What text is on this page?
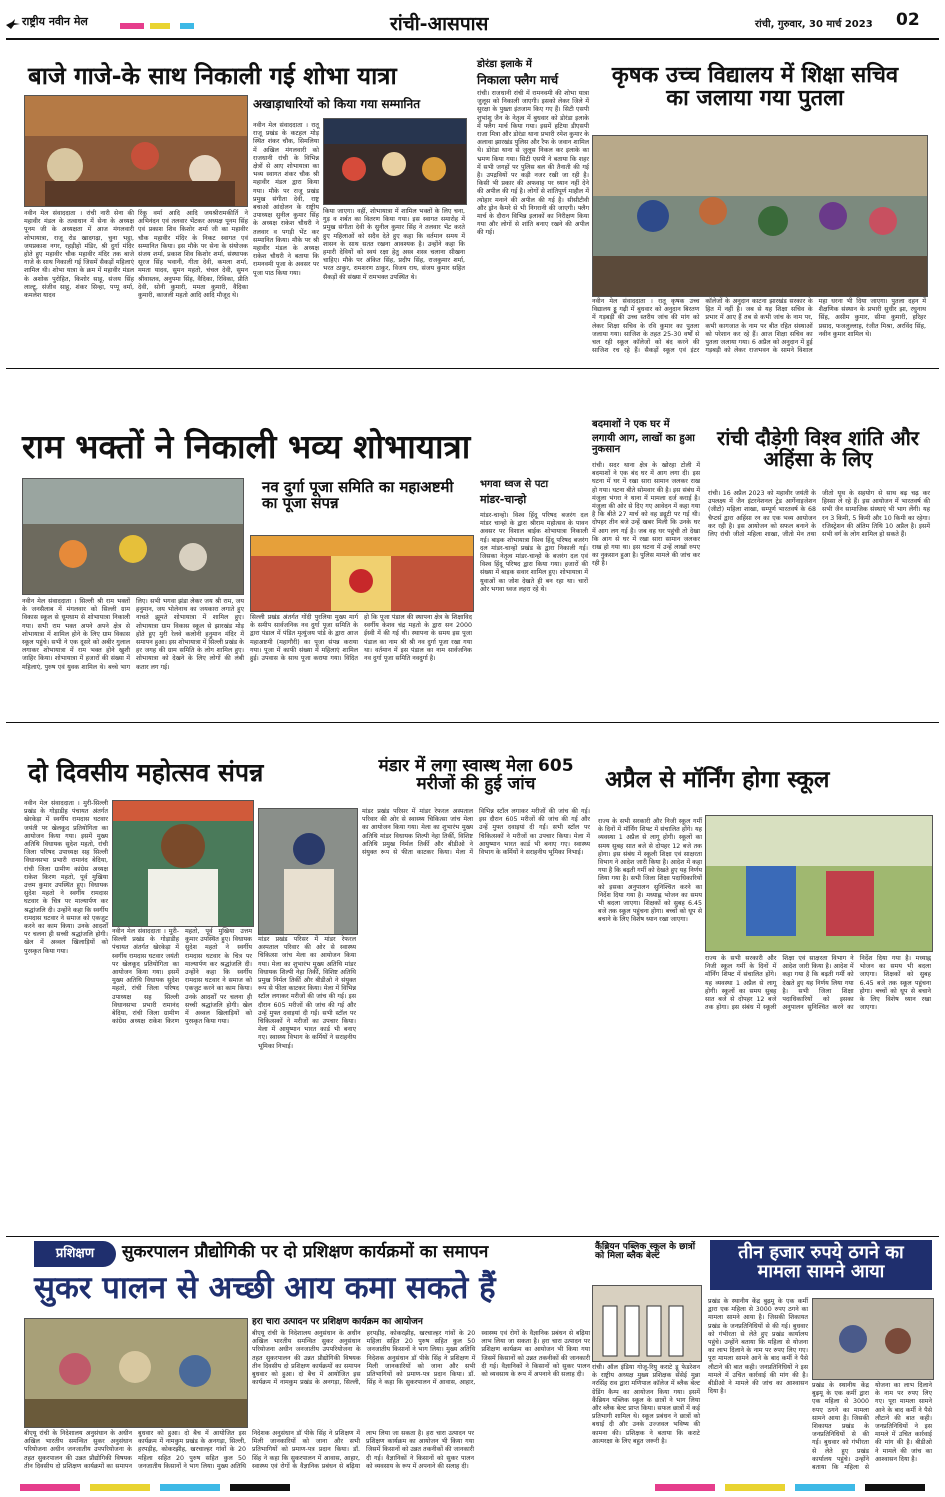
राष्ट्रीय नवीन मेल	रांची-आसपास	रांची, गुरुवार, 30 मार्च 2023 02
बाजे गाजे-के साथ निकाली गई शोभा यात्रा
नवीन मेल संवाददाता । रांची नारी सेना की महावीर मंडल के तत्वाधान में सेना के अध्यक्ष पूनम जी के अध्यक्षता में आज मंगलवारी शोभायात्रा, राजू रोड खादगढ़ा, चुना भट्ठा, जयप्रकाश नगर, रहड़ीहो मंडिर, श्री दुर्गा मंदिर होते हुए महावीर चौक महावीर मंदिर तक बाजे गाजे के साथ निकाली गई जिसमें सैकड़ों महिलाएं शामिल थी। शोभा यात्रा के क्रम में महावीर मंडल के अशोक पुरोहित, किशोर साहू, संजय सिंह लाल्टू, संजीव साहू, शंकर सिन्हा, पप्पू वर्मा, कमलेश यादव
रिंकू वर्मा आदि आदि जयश्रीरामकीर्ति ने अभिनंदन एवं तलवार भेंटकर अध्यक्ष पूनम सिंह एवं प्रकाश शिव किशोर शर्मा जी का महावीर चौक महावीर मंदिर के निकट स्वागत एवं सम्मानित किया। इस मौके पर सेना के संयोजक संजय शर्मा, प्रकाश शिव किशोर शर्मा, संस्थापक सूरज सिंह भवानी, गीता देवी, कमला शर्मा, ममता यादव, सुमन महतो, चंचल देवी, सुमन श्रीवास्तव, अनुपमा सिंह, वैदिका, रिविका, प्रीति देवी, सोनी कुमारी, ममता कुमारी, वैदिका कुमारी, काजली महतो आदि आदि मौजूद थे।
अखाड़ाधारियों को किया गया सम्मानित
नवीन मेल संवाददाता । रातू राजू प्रखंड के कटहल मोड़ स्थित शंकर चौक, सिमलिया में अखिल मंगलवारी को राजधानी रांची के विभिन्न क्षेत्रों से आए शोभायात्रा का भव्य स्वागत शंकर चौक श्री महावीर मंडल द्वारा किया गया। मौके पर राजू प्रखंड प्रमुख संगीता देवी, राष्ट्र बचाओ आंदोलन के राष्ट्रीय उपाध्यक्ष सुनील कुमार सिंह के अध्यक्ष राकेश चौधरी ने तलवार व पगड़ी भेंट कर सम्मानित किया। मौके पर श्री महावीर मंडल के अध्यक्ष राकेश चौधरी ने बताया कि रामनवमी पूजा के अवसर पर पूजा पाठ किया गया।
किया जाएगा। वहीं, शोभायात्रा में शामिल भक्तों के लिए चना, गुड़ व शर्बत का वितरण किया गया। इस स्वागत समारोह में प्रमुख संगीता देवी के सुनील कुमार सिंह ने तलवार भेंट करते हुए महिलाओं को सदैव देते हुए कहा कि वर्तमान समय में शासन के साथ सतत रखना आवश्यक है। उन्होंने कहा कि हमारी देवियों को स्वयं रक्षा हेतु अस्त्र शस्त्र चलाना सीखना चाहिए। मौके पर अंकित सिंह, प्रदीप सिंह, राजकुमार शर्मा, भरत ठाकुर, रामशरण ठाकुर, विजय राय, संजय कुमार सहित सैकड़ों की संख्या में रामभक्त उपस्थित थे।
डोरंडा इलाके में
निकाला फ्लैग मार्च
रांची। राजधानी रांची में रामनवमी की शोभा यात्रा जुलूस को निकाली जाएगी। इसको लेकर जिले में सुरक्षा के पुख्ता इंतजाम किए गए हैं। सिटी एसपी शुभांशु जैन के नेतृत्व में बुधवार को डोरंडा इलाके में फ्लैग मार्च किया गया। इसमें हटिया डीएसपी राजा मित्रा और डोरंडा थाना प्रभारी रमेश कुमार के अलावा झारखंड पुलिस और रैफ के जवान शामिल थे। डोरंडा थाना से जुलूस निकल कर इलाके का भ्रमण किया गया। सिटी एसपी ने बताया कि शहर में सभी जगहों पर पुलिस बल की तैनाती की गई है। उपद्रवियों पर कड़ी नजर रखी जा रही है। किसी भी प्रकार की अफवाह पर ध्यान नहीं देने की अपील की गई है। लोगों से शांतिपूर्ण माहौल में त्योहार मनाने की अपील की गई है। सीसीटीवी और ड्रोन कैमरे से भी निगरानी की जाएगी। फ्लैग मार्च के दौरान विभिन्न इलाकों का निरीक्षण किया गया और लोगों से शांति बनाए रखने की अपील की गई।
कृषक उच्च विद्यालय में शिक्षा सचिव का जलाया गया पुतला
नवीन मेल संवाददाता । रातू कृषक उच्च विद्यालय ड्डू गढ़ी में बुधवार को अनुदान बिरतण में गड़बड़ी की उच्च स्तरीय जांच की मांग को लेकर शिक्षा सचिव के रवि कुमार का पुतला जलाया गया। साजिश के तहत 25-30 वर्षों से चल रही स्कूल कॉलेजों को बंद करने की साजिश रच रहे हैं। सैकड़ों स्कूल एवं इंटर कॉलेजों के अनुदान काटना झारखंड सरकार के हित में नहीं है। जब से यह शिक्षा सचिव के प्रभार में आए हैं तब से कभी जांच के नाम पर, कभी कागजात के नाम पर बीत रहित संस्थाओं को परेशान कर रहे हैं। आज शिक्षा सचिव का पुतला जलाया गया। 6 अप्रैल को अनुदान में हुई गड़बड़ी को लेकर राजभवन के सामने विशाल महा धरना भी दिया जाएगा। पुतला दहन में शैक्षणिक संस्थान के प्रभारी सुधीर झा, रघुनाथ सिंह, असीम कुमार, सीमा कुमारी, हरिहर प्रसाद, फजलुल्लाह, रंजीत मिश्रा, अरविंद सिंह, नवीन कुमार शामिल थे।
राम भक्तों ने निकाली भव्य शोभायात्रा
नवीन मेल संवाददाता । सिल्ली श्री राम भक्तों के जनसैलाब में मंगलवार को सिल्ली ग्राम विकास स्कूल से धूमधाम से शोभायात्रा निकाली गया। सभी राम भक्त अपने अपने क्षेत्र से शोभायात्रा में शामिल होने के लिए ग्राम विकास स्कूल पहुंचे। सभी ने एक दूसरे को अबीर गुलाल लगाकर शोभायात्रा में राम भक्त होने खुशी जाहिर किया। शोभायात्रा में हजारों की संख्या में महिलाएं, पुरुष एवं युवक शामिल थे। बच्चे भाग लिए। सभी भगवा झंडा लेकर जय श्री राम, जय हनुमान, जय भोलेनाथ का जयकारा लगाते हुए नाचते झूमते शोभायात्रा में शामिल हुए। शोभायात्रा ग्राम विकास स्कूल से झारखंड मोड़ होते हुए मुरी रेलवे कलोनी हनुमान मंदिर में समापन हुआ। इस शोभायात्रा में सिल्ली प्रखंड के हर जगह की ग्राम समिति के लोग शामिल हुए। शोभायात्रा को देखने के लिए लोगों की लंबी कतार लग गई।
नव दुर्गा पूजा समिति का महाअष्टमी का पूजा संपन्न
सिल्ली प्रखंड अंतर्गत गोंदी पुरलिया मुख्य मार्ग के समीप सार्वजनिक नव दुर्गा पूजा समिति के द्वारा पंडाल में पंडित मृत्युंजय पांडे के द्वारा आज महाअष्टमी (महागौरी) का पूजा संपन्न कराया गया। पूजा में काफी संख्या में महिलाएं शामिल हुई। उपवास के साथ पूजा कराया गया। विदित हो कि पूजा पंडाल की स्थापना क्षेत्र के शिक्षाविद स्वर्गीय केशव चंद्र महतो के द्वारा सन 2000 ईस्वी में की गई थी। स्थापना के समय इस पूजा पंडाल का नाम श्री श्री नव दुर्गा पूजा रखा गया था। वर्तमान में इस पंडाल का नाम सार्वजनिक नव दुर्गा पूजा समिति नवदुर्गा है।
भगवा ध्वज से पटा
मांडर-चान्हो
मांडर-चान्हो। विश्व हिंदू परिषद बजरंग दल मांडर चान्हो के द्वारा श्रीराम महोत्सव के पावन अवसर पर विशाल बाईक शोभायात्रा निकाली गई। बाइक शोभायात्रा विश्व हिंदू परिषद बजरंग दल मांडर-चान्हो प्रखंड के द्वारा निकाली गई। जिसका नेतृत्व मांडर-चान्हो के बजरंग दल एवं विश्व हिंदू परिषद द्वारा किया गया। हजारों की संख्या में बाइक सवार शामिल हुए। शोभायात्रा में युवाओं का जोश देखते ही बन रहा था। चारों ओर भगवा ध्वज लहरा रहे थे।
बदमाशों ने एक घर में
लगायी आग, लाखों का हुआ नुकसान
रांची। सदर थाना क्षेत्र के खोरहा टोली में बदमाशों ने एक बंद घर में आग लगा दी। इस घटना में घर में रखा सारा सामान जलकर राख हो गया। घटना बीते सोमवार की है। इस संबंध में मंजुला भंगरा ने थाना में मामला दर्ज कराई है। मंजुला की ओर से दिए गए आवेदन में कहा गया है कि बीते 27 मार्च को वह ड्यूटी पर गई थी। दोपहर तीन बजे उन्हें खबर मिली कि उनके घर में आग लग गई है। जब वह घर पहुंची तो देखा कि आग से घर में रखा सारा सामान जलकर राख हो गया था। इस घटना में उन्हें लाखों रुपए का नुकसान हुआ है। पुलिस मामले की जांच कर रही है।
रांची दौड़ेगी विश्व शांति और अहिंसा के लिए
रांची। 16 अप्रैल 2023 को महावीर जयंती के उपलक्ष्य में जैन इंटरनेशनल ट्रेड आर्गेनाइजेशन (जीटो) महिला शाखा, सम्पूर्ण भारतवर्ष के 68 चैप्टर्स द्वारा अहिंसा रन का एक भव्य आयोजन कर रही है। इस आयोजन को सफल बनाने के लिए रांची जीतो महिला शाखा, जीतो मेन तथा जीतो यूथ के सहयोग से साथ बढ़ चढ़ कर हिस्सा ले रहे हैं। इस आयोजन में भारतवर्ष की सभी जैन सामाजिक संस्थाएं भी भाग लेंगी। यह रन 3 किमी, 5 किमी और 10 किमी का रहेगा। रजिस्ट्रेशन की अंतिम तिथि 10 अप्रैल है। इसमें सभी वर्ग के लोग शामिल हो सकते हैं।
दो दिवसीय महोत्सव संपन्न
नवीन मेल संवाददाता । मुरी-सिल्ली प्रखंड के गोड़ाडीह पंचायत अंतर्गत खेरकेड़ा में स्वर्गीय रामदास घटवार जयंती पर खेलकूद प्रतियोगिता का आयोजन किया गया। इसमें मुख्य अतिथि विधायक सुदेश महतो, रांची जिला परिषद उपाध्यक्ष सह सिल्ली विधानसभा प्रभारी रामानंद बेदिया, रांची जिला ग्रामीण कांग्रेस अध्यक्ष राकेश किरण महतो, पूर्व मुखिया उत्तम कुमार उपस्थित हुए। विधायक सुदेश महतो ने स्वर्गीय रामदास घटवार के चित्र पर माल्यार्पण कर श्रद्धांजलि दी। उन्होंने कहा कि स्वर्गीय रामदास घटवार ने समाज को एकजुट करने का काम किया। उनके आदर्शों पर चलना ही सच्ची श्रद्धांजलि होगी। खेल में अव्वल खिलाड़ियों को पुरस्कृत किया गया।
नवीन मेल संवाददाता । मुरी-सिल्ली प्रखंड के गोड़ाडीह पंचायत अंतर्गत खेरकेड़ा में स्वर्गीय रामदास घटवार जयंती पर खेलकूद प्रतियोगिता का आयोजन किया गया। इसमें मुख्य अतिथि विधायक सुदेश महतो, रांची जिला परिषद उपाध्यक्ष सह सिल्ली विधानसभा प्रभारी रामानंद बेदिया, रांची जिला ग्रामीण कांग्रेस अध्यक्ष राकेश किरण महतो, पूर्व मुखिया उत्तम कुमार उपस्थित हुए। विधायक सुदेश महतो ने स्वर्गीय रामदास घटवार के चित्र पर माल्यार्पण कर श्रद्धांजलि दी। उन्होंने कहा कि स्वर्गीय रामदास घटवार ने समाज को एकजुट करने का काम किया। उनके आदर्शों पर चलना ही सच्ची श्रद्धांजलि होगी। खेल में अव्वल खिलाड़ियों को पुरस्कृत किया गया।
मंडार में लगा स्वास्थ मेला 605 मरीजों की हुई जांच
मांडर प्रखंड परिसर में मांडर रेफरल अस्पताल परिवार की ओर से स्वास्थ्य चिकित्सा जांच मेला का आयोजन किया गया। मेला का शुभारंभ मुख्य अतिथि मांडर विधायक शिल्पी नेहा तिर्की, विशिष्ट अतिथि प्रमुख निर्मल तिर्की और बीडीओ ने संयुक्त रूप से फीता काटकर किया। मेला में विभिन्न स्टॉल लगाकर मरीजों की जांच की गई। इस दौरान 605 मरीजों की जांच की गई और उन्हें मुफ्त दवाइयां दी गईं। सभी स्टॉल पर चिकित्सकों ने मरीजों का उपचार किया। मेला में आयुष्मान भारत कार्ड भी बनाए गए। स्वास्थ्य विभाग के कर्मियों ने सराहनीय भूमिका निभाई।
मांडर प्रखंड परिसर में मांडर रेफरल अस्पताल परिवार की ओर से स्वास्थ्य चिकित्सा जांच मेला का आयोजन किया गया। मेला का शुभारंभ मुख्य अतिथि मांडर विधायक शिल्पी नेहा तिर्की, विशिष्ट अतिथि प्रमुख निर्मल तिर्की और बीडीओ ने संयुक्त रूप से फीता काटकर किया। मेला में विभिन्न स्टॉल लगाकर मरीजों की जांच की गई। इस दौरान 605 मरीजों की जांच की गई और उन्हें मुफ्त दवाइयां दी गईं। सभी स्टॉल पर चिकित्सकों ने मरीजों का उपचार किया। मेला में आयुष्मान भारत कार्ड भी बनाए गए। स्वास्थ्य विभाग के कर्मियों ने सराहनीय भूमिका निभाई।
अप्रैल से मॉर्निंग होगा स्कूल
राज्य के सभी सरकारी और निजी स्कूल गर्मी के दिनों में मॉर्निंग शिफ्ट में संचालित होंगे। यह व्यवस्था 1 अप्रैल से लागू होगी। स्कूलों का समय सुबह सात बजे से दोपहर 12 बजे तक होगा। इस संबंध में स्कूली शिक्षा एवं साक्षरता विभाग ने आदेश जारी किया है। आदेश में कहा गया है कि बढ़ती गर्मी को देखते हुए यह निर्णय लिया गया है। सभी जिला शिक्षा पदाधिकारियों को इसका अनुपालन सुनिश्चित करने का निर्देश दिया गया है। मध्याह्न भोजन का समय भी बदला जाएगा। शिक्षकों को सुबह 6.45 बजे तक स्कूल पहुंचना होगा। बच्चों को धूप से बचाने के लिए विशेष ध्यान रखा जाएगा।
राज्य के सभी सरकारी और निजी स्कूल गर्मी के दिनों में मॉर्निंग शिफ्ट में संचालित होंगे। यह व्यवस्था 1 अप्रैल से लागू होगी। स्कूलों का समय सुबह सात बजे से दोपहर 12 बजे तक होगा। इस संबंध में स्कूली शिक्षा एवं साक्षरता विभाग ने आदेश जारी किया है। आदेश में कहा गया है कि बढ़ती गर्मी को देखते हुए यह निर्णय लिया गया है। सभी जिला शिक्षा पदाधिकारियों को इसका अनुपालन सुनिश्चित करने का निर्देश दिया गया है। मध्याह्न भोजन का समय भी बदला जाएगा। शिक्षकों को सुबह 6.45 बजे तक स्कूल पहुंचना होगा। बच्चों को धूप से बचाने के लिए विशेष ध्यान रखा जाएगा।
प्रशिक्षण	सुकरपालन प्रौद्योगिकी पर दो प्रशिक्षण कार्यक्रमों का समापन
सुकर पालन से अच्छी आय कमा सकते हैं
बीएयू रांची के निदेशालय अनुसंधान के अधीन अखिल भारतीय समन्वित सुकर अनुसंधान परियोजना अधीन जनजातीय उपपरियोजना के तहत सुकरपालन की उन्नत प्रौद्योगिकी विषयक तीन दिवसीय दो प्रशिक्षण कार्यक्रमों का समापन बुधवार को हुआ। दो बैच में आयोजित इस कार्यक्रम में नामकुम प्रखंड के अनगड़ा, सिल्ली, हरपड़ीह, कोकरझीह, खरचाल्हर गांवों के 20 महिला सहित 20 पुरुष सहित कुल 50 जनजातीय किसानों ने भाग लिया। मुख्य अतिथि निदेशक अनुसंधान डॉ पीके सिंह ने प्रशिक्षण में मिली जानकारियों को जाना और सभी प्रतिभागियों को प्रमाण-पत्र प्रदान किया। डॉ. सिंह ने कहा कि सुकरपालन में आवास, आहार, स्वास्थ्य एवं रोगों के वैज्ञानिक प्रबंधन से बढ़िया लाभ लिया जा सकता है। हरा चारा उत्पादन पर प्रशिक्षण कार्यक्रम का आयोजन भी किया गया जिसमें किसानों को उन्नत तकनीकों की जानकारी दी गई। वैज्ञानिकों ने किसानों को सुकर पालन को व्यवसाय के रूप में अपनाने की सलाह दी।
हरा चारा उत्पादन पर प्रशिक्षण कार्यक्रम का आयोजन
बीएयू रांची के निदेशालय अनुसंधान के अधीन अखिल भारतीय समन्वित सुकर अनुसंधान परियोजना अधीन जनजातीय उपपरियोजना के तहत सुकरपालन की उन्नत प्रौद्योगिकी विषयक तीन दिवसीय दो प्रशिक्षण कार्यक्रमों का समापन बुधवार को हुआ। दो बैच में आयोजित इस कार्यक्रम में नामकुम प्रखंड के अनगड़ा, सिल्ली, हरपड़ीह, कोकरझीह, खरचाल्हर गांवों के 20 महिला सहित 20 पुरुष सहित कुल 50 जनजातीय किसानों ने भाग लिया। मुख्य अतिथि निदेशक अनुसंधान डॉ पीके सिंह ने प्रशिक्षण में मिली जानकारियों को जाना और सभी प्रतिभागियों को प्रमाण-पत्र प्रदान किया। डॉ. सिंह ने कहा कि सुकरपालन में आवास, आहार, स्वास्थ्य एवं रोगों के वैज्ञानिक प्रबंधन से बढ़िया लाभ लिया जा सकता है। हरा चारा उत्पादन पर प्रशिक्षण कार्यक्रम का आयोजन भी किया गया जिसमें किसानों को उन्नत तकनीकों की जानकारी दी गई। वैज्ञानिकों ने किसानों को सुकर पालन को व्यवसाय के रूप में अपनाने की सलाह दी।
कैंब्रियन पब्लिक स्कूल के छात्रों को मिला ब्लैक बेल्ट
रांची। ऑल इंडिया गोजू-रियु कराटे डू फेडरेशन के राष्ट्रीय अध्यक्ष मुख्य प्रशिक्षक सेंसेई मुन्ना नरसिंह राव द्वारा मणिपाल कॉलेज में ब्लैक बेल्ट ग्रेडिंग कैम्प का आयोजन किया गया। इसमें कैंब्रियन पब्लिक स्कूल के छात्रों ने भाग लिया और ब्लैक बेल्ट प्राप्त किया। सफल छात्रों में कई प्रतिभागी शामिल थे। स्कूल प्रबंधन ने छात्रों को बधाई दी और उनके उज्जवल भविष्य की कामना की। प्रशिक्षक ने बताया कि कराटे आत्मरक्षा के लिए बहुत जरूरी है।
तीन हजार रुपये ठगने का मामला सामने आया
प्रखंड के स्थानीय केंद्र बुढ़मू के एक कर्मी द्वारा एक महिला से 3000 रुपए ठगने का मामला सामने आया है। जिसकी शिकायत प्रखंड के जनप्रतिनिधियों से की गई। बुधवार को गंभीरता से लेते हुए प्रखंड कार्यालय पहुंचे। उन्होंने बताया कि महिला से योजना का लाभ दिलाने के नाम पर रुपए लिए गए। पूरा मामला सामने आने के बाद कर्मी ने पैसे लौटाने की बात कही। जनप्रतिनिधियों ने इस मामले में उचित कार्रवाई की मांग की है। बीडीओ ने मामले की जांच का आश्वासन दिया है।
प्रखंड के स्थानीय केंद्र बुढ़मू के एक कर्मी द्वारा एक महिला से 3000 रुपए ठगने का मामला सामने आया है। जिसकी शिकायत प्रखंड के जनप्रतिनिधियों से की गई। बुधवार को गंभीरता से लेते हुए प्रखंड कार्यालय पहुंचे। उन्होंने बताया कि महिला से योजना का लाभ दिलाने के नाम पर रुपए लिए गए। पूरा मामला सामने आने के बाद कर्मी ने पैसे लौटाने की बात कही। जनप्रतिनिधियों ने इस मामले में उचित कार्रवाई की मांग की है। बीडीओ ने मामले की जांच का आश्वासन दिया है।
